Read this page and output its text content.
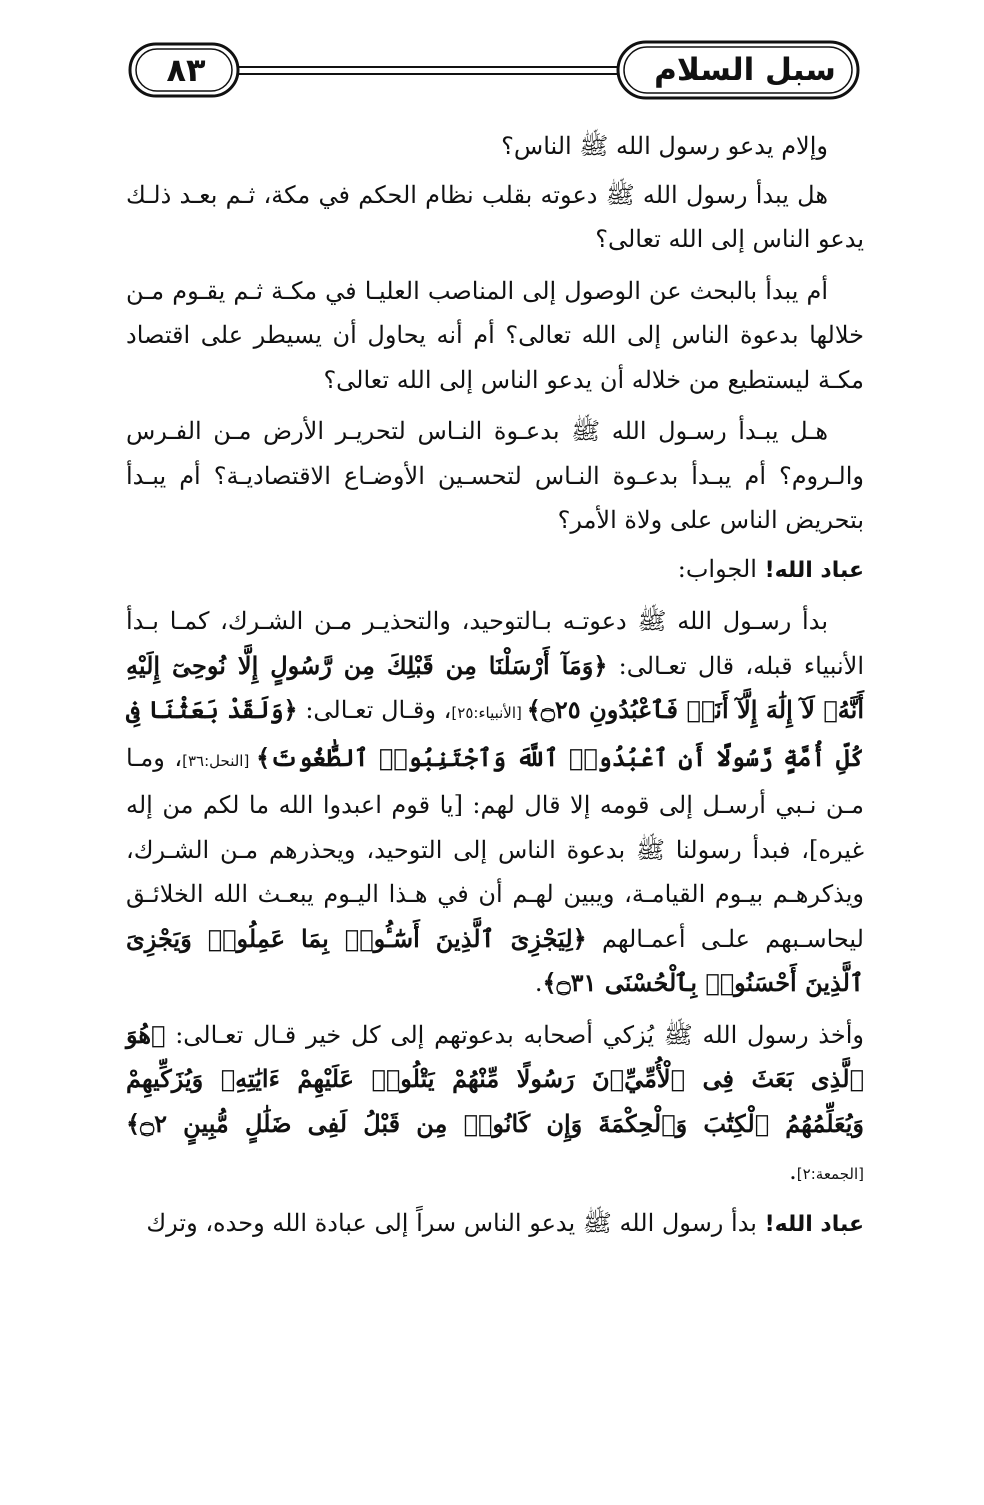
٨٣	سبل السلام

وإلام يدعو رسول الله ﷺ الناس؟

هل يبدأ رسول الله ﷺ دعوته بقلب نظام الحكم في مكة، ثـم بعـد ذلـك يدعو الناس إلى الله تعالى؟

أم يبدأ بالبحث عن الوصول إلى المناصب العليـا في مكـة ثـم يقـوم مـن خلالها بدعوة الناس إلى الله تعالى؟ أم أنه يحاول أن يسيطر على اقتصاد مكـة ليستطيع من خلاله أن يدعو الناس إلى الله تعالى؟

هـل يبـدأ رسـول الله ﷺ بدعـوة النـاس لتحريـر الأرض مـن الفـرس والـروم؟ أم يبـدأ بدعـوة النـاس لتحسـين الأوضـاع الاقتصاديـة؟ أم يبـدأ بتحريض الناس على ولاة الأمر؟

عباد الله! الجواب:

بدأ رسـول الله ﷺ دعوتـه بـالتوحيد، والتحذيـر مـن الشـرك، كمـا بـدأ الأنبياء قبله، قال تعـالى: ﴿وَمَآ أَرْسَلْنَا مِن قَبْلِكَ مِن رَّسُولٍ إِلَّا نُوحِىٓ إِلَيْهِ أَنَّهُۥ لَآ إِلَٰهَ إِلَّآ أَنَا۠ فَٱعْبُدُونِ ۝٢٥﴾ [الأنبياء:٢٥]، وقـال تعـالى: ﴿وَلَقَدْ بَعَثْنَا فِى كُلِّ أُمَّةٍ رَّسُولًا أَنِ ٱعْبُدُوا۟ ٱللَّهَ وَٱجْتَنِبُوا۟ ٱلطَّٰغُوتَ﴾ [النحل:٣٦]، ومـا مـن نـبي أرسـل إلى قومه إلا قال لهم: [يا قوم اعبدوا الله ما لكم من إله غيره]، فبدأ رسولنا ﷺ بدعوة الناس إلى التوحيد، ويحذرهم مـن الشـرك، ويذكرهـم بيـوم القيامـة، ويبين لهـم أن في هـذا اليـوم يبعـث الله الخلائـق ليحاسـبهم علـى أعمـالهم ﴿لِيَجْزِىَ ٱلَّذِينَ أَسَٰٓـُٔوا۟ بِمَا عَمِلُوا۟ وَيَجْزِىَ ٱلَّذِينَ أَحْسَنُوا۟ بِٱلْحُسْنَى ۝٣١﴾.

وأخذ رسول الله ﷺ يُزكي أصحابه بدعوتهم إلى كل خير قـال تعـالى: ﴿هُوَ ٱلَّذِى بَعَثَ فِى ٱلْأُمِّيِّۦنَ رَسُولًا مِّنْهُمْ يَتْلُوا۟ عَلَيْهِمْ ءَايَٰتِهِۦ وَيُزَكِّيهِمْ وَيُعَلِّمُهُمُ ٱلْكِتَٰبَ وَٱلْحِكْمَةَ وَإِن كَانُوا۟ مِن قَبْلُ لَفِى ضَلَٰلٍ مُّبِينٍ ۝٢﴾ [الجمعة:٢].

عباد الله! بدأ رسول الله ﷺ يدعو الناس سراً إلى عبادة الله وحده، وترك
